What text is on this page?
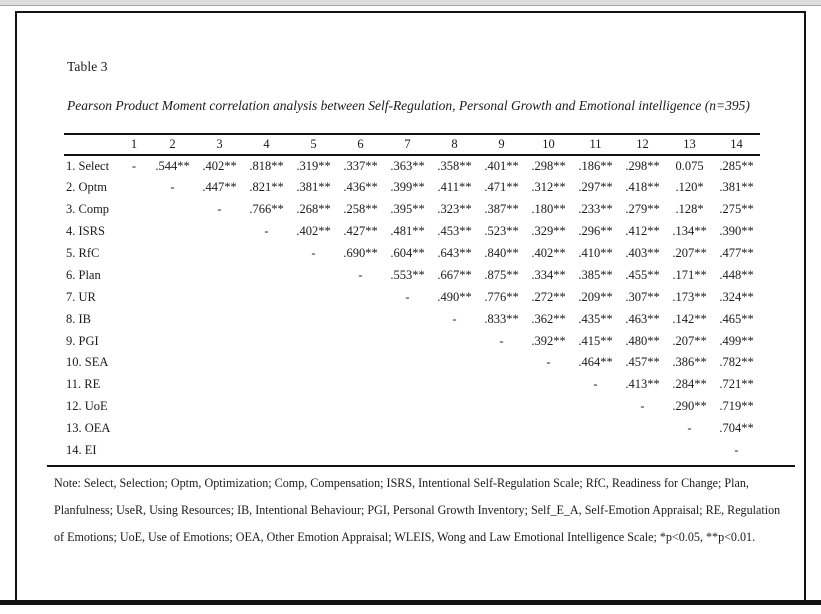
Table 3
Pearson Product Moment correlation analysis between Self-Regulation, Personal Growth and Emotional intelligence (n=395)
	1	2	3	4	5	6	7	8	9	10	11	12	13	14
1. Select	-	.544**	.402**	.818**	.319**	.337**	.363**	.358**	.401**	.298**	.186**	.298**	0.075	.285**
2. Optm		-	.447**	.821**	.381**	.436**	.399**	.411**	.471**	.312**	.297**	.418**	.120*	.381**
3. Comp			-	.766**	.268**	.258**	.395**	.323**	.387**	.180**	.233**	.279**	.128*	.275**
4. ISRS				-	.402**	.427**	.481**	.453**	.523**	.329**	.296**	.412**	.134**	.390**
5. RfC					-	.690**	.604**	.643**	.840**	.402**	.410**	.403**	.207**	.477**
6. Plan						-	.553**	.667**	.875**	.334**	.385**	.455**	.171**	.448**
7. UR							-	.490**	.776**	.272**	.209**	.307**	.173**	.324**
8. IB								-	.833**	.362**	.435**	.463**	.142**	.465**
9. PGI									-	.392**	.415**	.480**	.207**	.499**
10. SEA										-	.464**	.457**	.386**	.782**
11. RE											-	.413**	.284**	.721**
12. UoE												-	.290**	.719**
13. OEA													-	.704**
14. EI														-
Note: Select, Selection; Optm, Optimization; Comp, Compensation; ISRS, Intentional Self-Regulation Scale; RfC, Readiness for Change; Plan, Planfulness; UseR, Using Resources; IB, Intentional Behaviour; PGI, Personal Growth Inventory; Self_E_A, Self-Emotion Appraisal; RE, Regulation of Emotions; UoE, Use of Emotions; OEA, Other Emotion Appraisal; WLEIS, Wong and Law Emotional Intelligence Scale; *p<0.05, **p<0.01.
